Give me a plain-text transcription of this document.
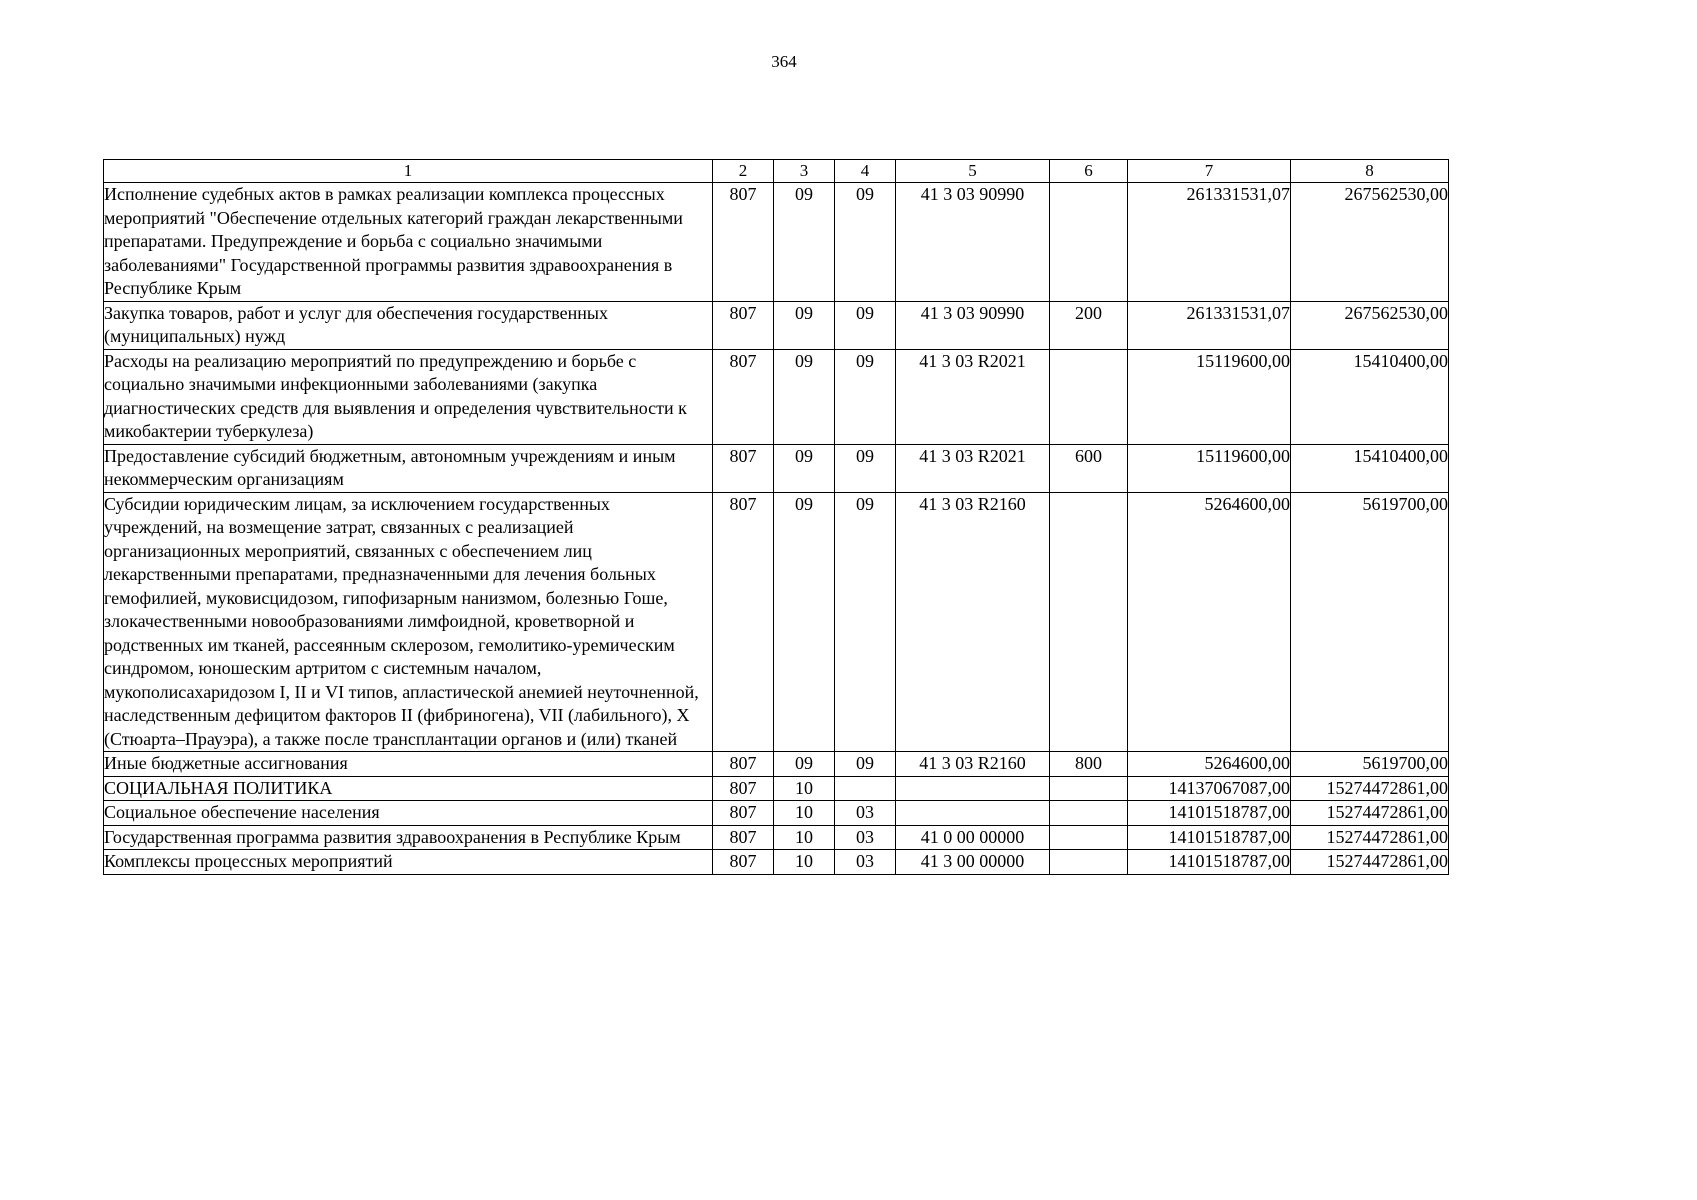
364
1	2	3	4	5	6	7	8
Исполнение судебных актов в рамках реализации комплекса процессных мероприятий "Обеспечение отдельных категорий граждан лекарственными препаратами. Предупреждение и борьба с социально значимыми заболеваниями" Государственной программы развития здравоохранения в Республике Крым	807	09	09	41 3 03 90990		261331531,07	267562530,00
Закупка товаров, работ и услуг для обеспечения государственных (муниципальных) нужд	807	09	09	41 3 03 90990	200	261331531,07	267562530,00
Расходы на реализацию мероприятий по предупреждению и борьбе с социально значимыми инфекционными заболеваниями (закупка диагностических средств для выявления и определения чувствительности к микобактерии туберкулеза)	807	09	09	41 3 03 R2021		15119600,00	15410400,00
Предоставление субсидий бюджетным, автономным учреждениям и иным некоммерческим организациям	807	09	09	41 3 03 R2021	600	15119600,00	15410400,00
Субсидии юридическим лицам, за исключением государственных учреждений, на возмещение затрат, связанных с реализацией организационных мероприятий, связанных с обеспечением лиц лекарственными препаратами, предназначенными для лечения больных гемофилией, муковисцидозом, гипофизарным нанизмом, болезнью Гоше, злокачественными новообразованиями лимфоидной, кроветворной и родственных им тканей, рассеянным склерозом, гемолитико-уремическим синдромом, юношеским артритом с системным началом, мукополисахаридозом I, II и VI типов, апластической анемией неуточненной, наследственным дефицитом факторов II (фибриногена), VII (лабильного), X (Стюарта–Прауэра), а также после трансплантации органов и (или) тканей	807	09	09	41 3 03 R2160		5264600,00	5619700,00
Иные бюджетные ассигнования	807	09	09	41 3 03 R2160	800	5264600,00	5619700,00
СОЦИАЛЬНАЯ ПОЛИТИКА	807	10				14137067087,00	15274472861,00
Социальное обеспечение населения	807	10	03			14101518787,00	15274472861,00
Государственная программа развития здравоохранения в Республике Крым	807	10	03	41 0 00 00000		14101518787,00	15274472861,00
Комплексы процессных мероприятий	807	10	03	41 3 00 00000		14101518787,00	15274472861,00
